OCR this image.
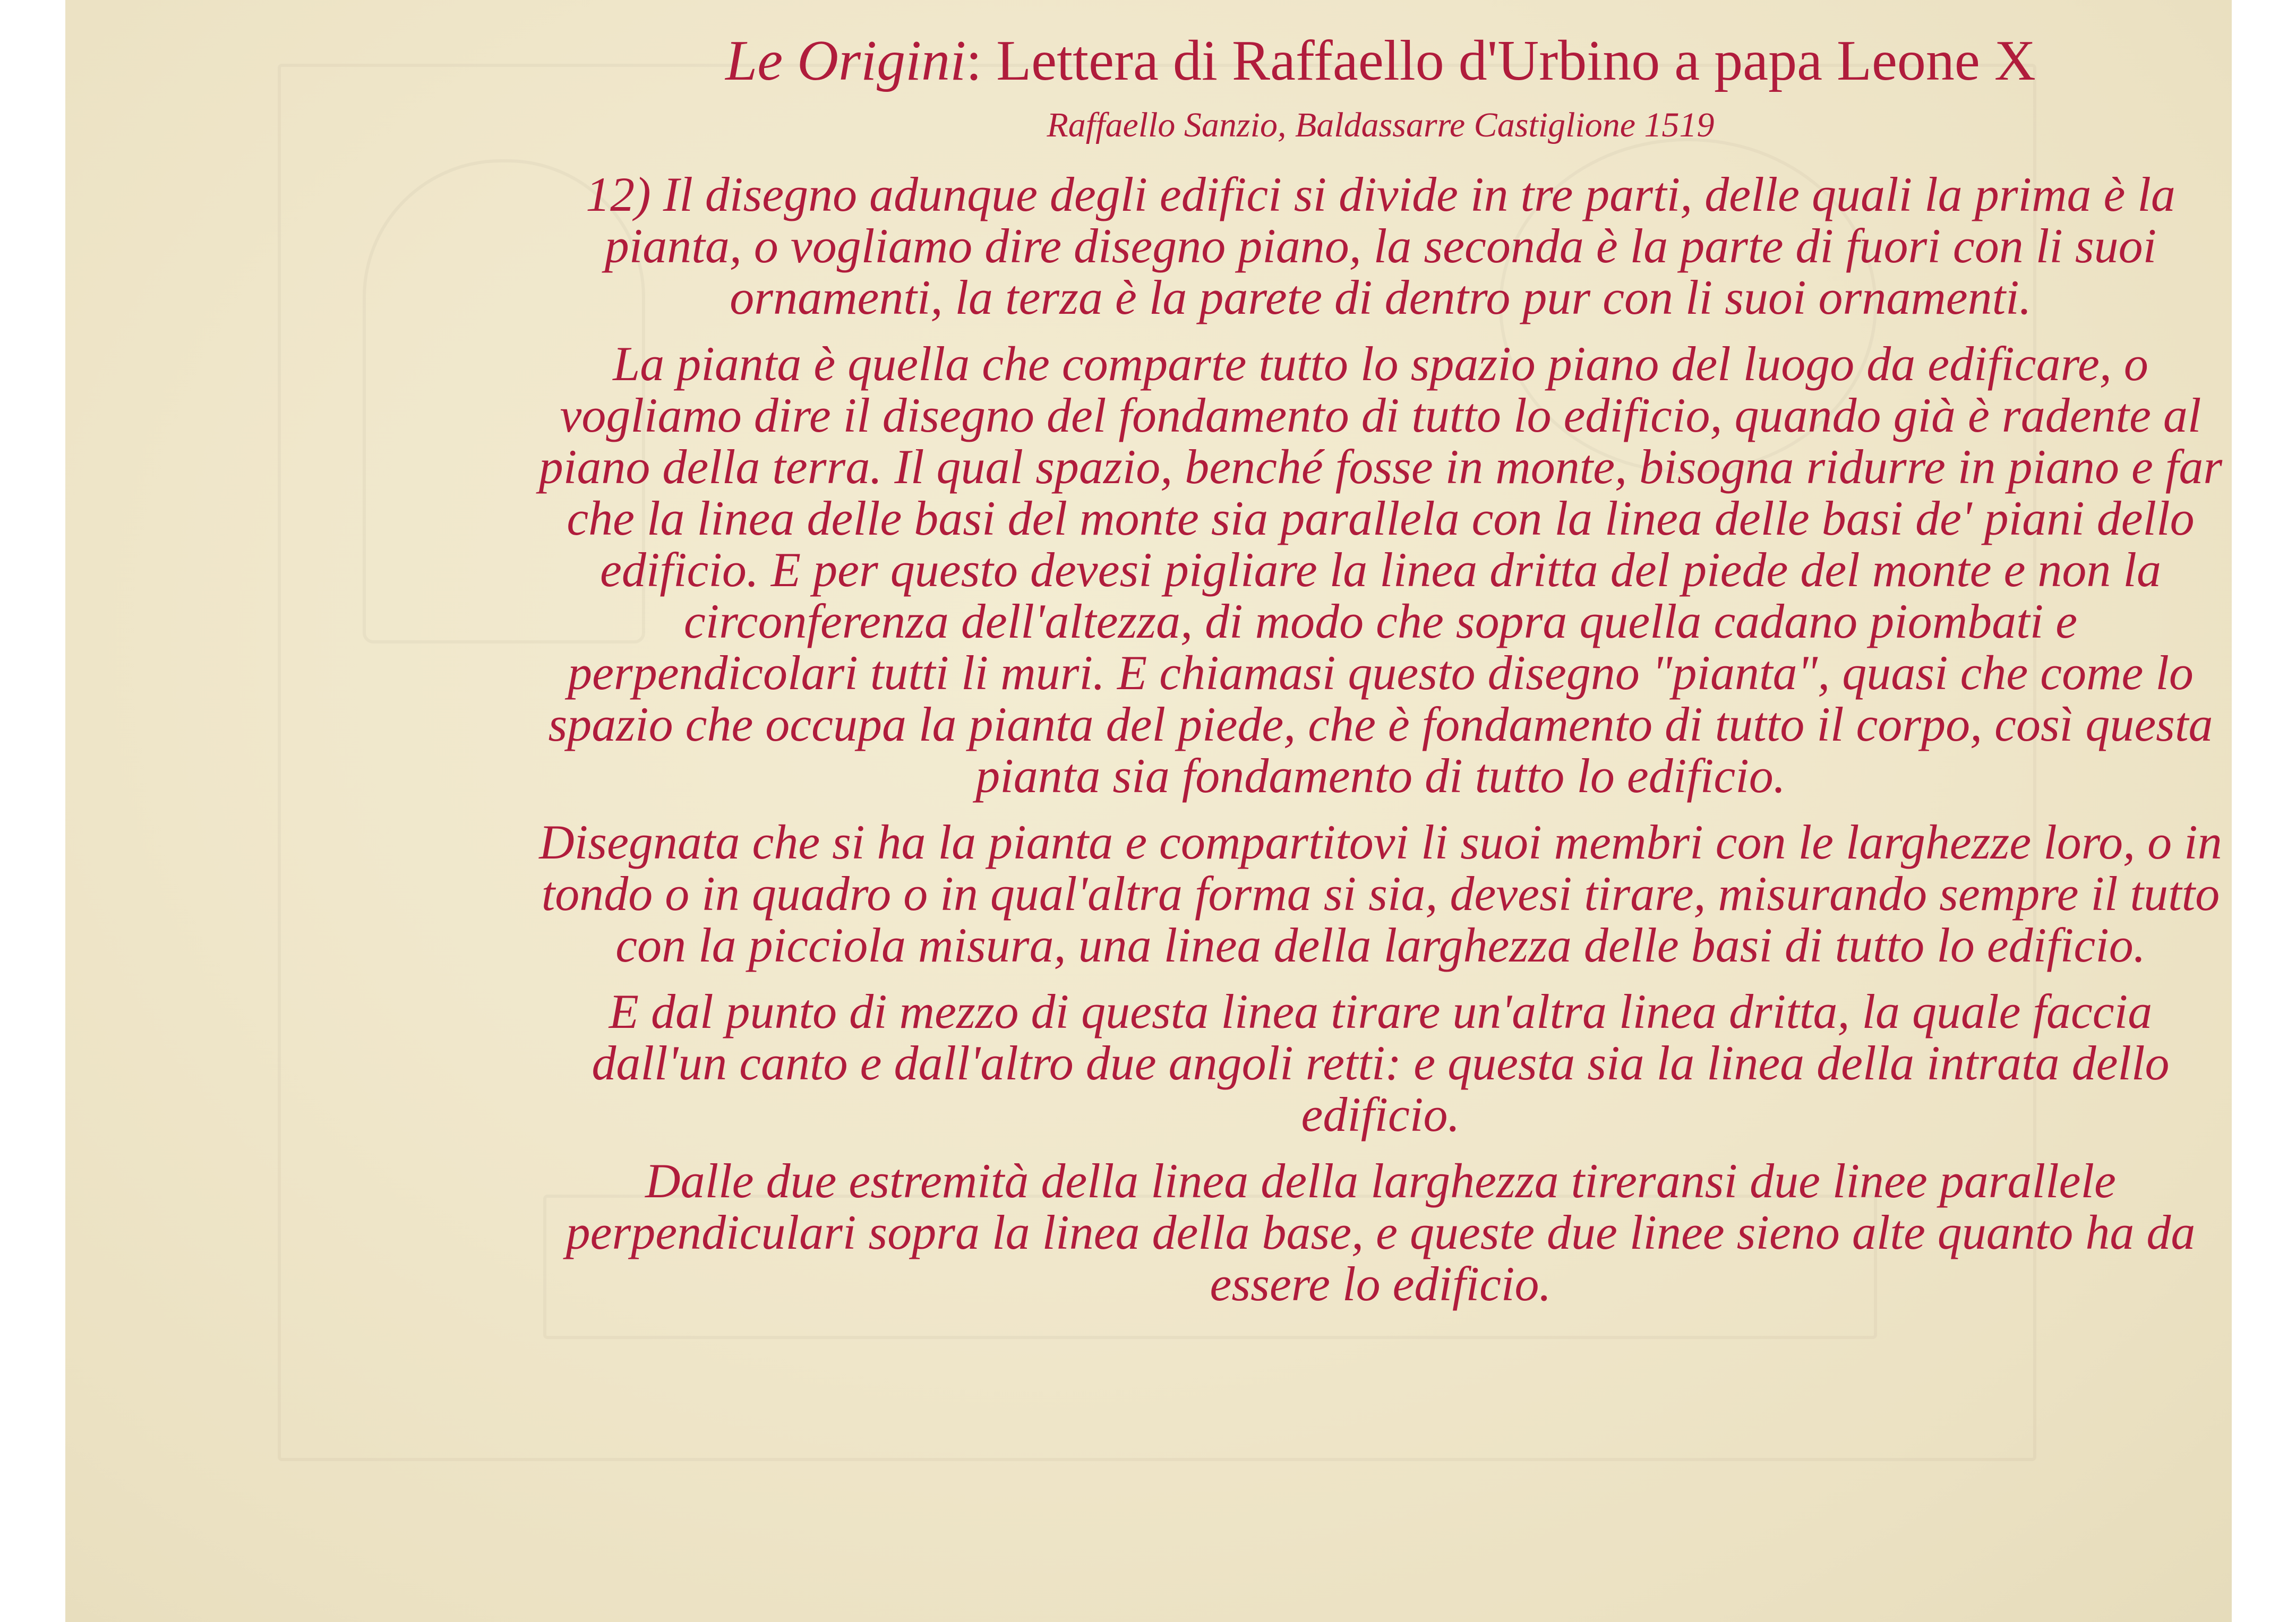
Le Origini: Lettera di Raffaello d'Urbino a papa Leone X

Raffaello Sanzio, Baldassarre Castiglione 1519

12) Il disegno adunque degli edifici si divide in tre parti, delle quali la prima è la pianta, o vogliamo dire disegno piano, la seconda è la parte di fuori con li suoi ornamenti, la terza è la parete di dentro pur con li suoi ornamenti.

La pianta è quella che comparte tutto lo spazio piano del luogo da edificare, o vogliamo dire il disegno del fondamento di tutto lo edificio, quando già è radente al piano della terra. Il qual spazio, benché fosse in monte, bisogna ridurre in piano e far che la linea delle basi del monte sia parallela con la linea delle basi de' piani dello edificio. E per questo devesi pigliare la linea dritta del piede del monte e non la circonferenza dell'altezza, di modo che sopra quella cadano piombati e perpendicolari tutti li muri. E chiamasi questo disegno "pianta", quasi che come lo spazio che occupa la pianta del piede, che è fondamento di tutto il corpo, così questa pianta sia fondamento di tutto lo edificio.

Disegnata che si ha la pianta e compartitovi li suoi membri con le larghezze loro, o in tondo o in quadro o in qual'altra forma si sia, devesi tirare, misurando sempre il tutto con la picciola misura, una linea della larghezza delle basi di tutto lo edificio.

E dal punto di mezzo di questa linea tirare un'altra linea dritta, la quale faccia dall'un canto e dall'altro due angoli retti: e questa sia la linea della intrata dello edificio.

Dalle due estremità della linea della larghezza tireransi due linee parallele perpendiculari sopra la linea della base, e queste due linee sieno alte quanto ha da essere lo edificio.
